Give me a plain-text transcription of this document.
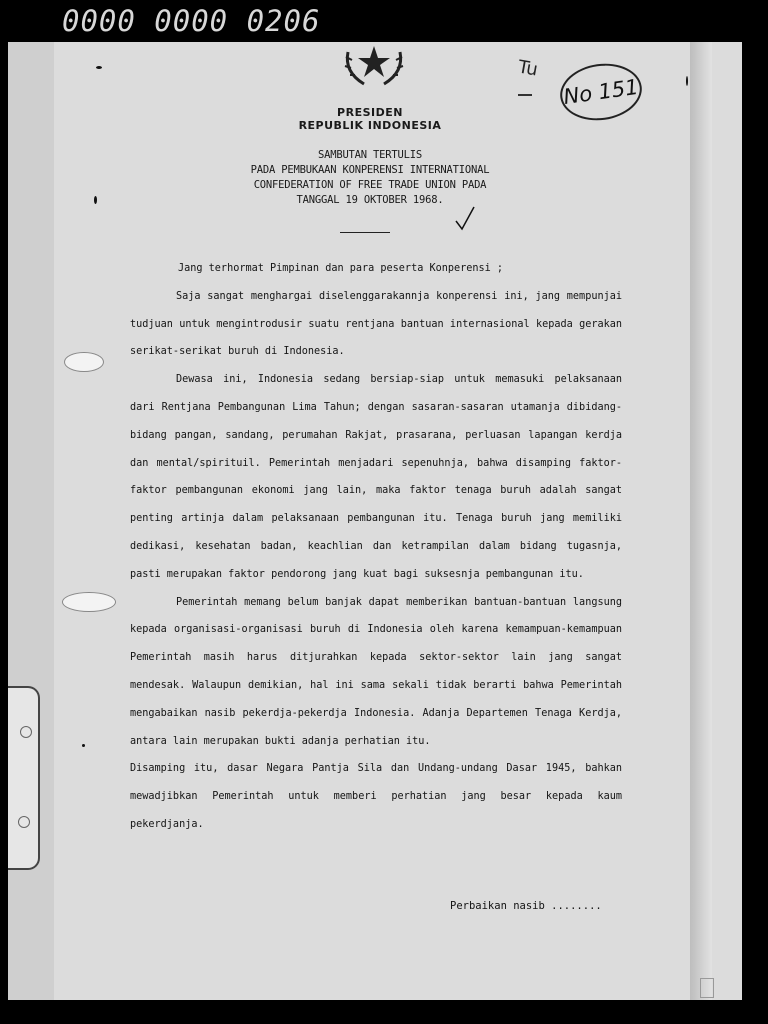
0000 0000 0206
Tu
No 151
PRESIDEN
REPUBLIK INDONESIA
SAMBUTAN TERTULIS
PADA PEMBUKAAN KONPERENSI INTERNATIONAL
CONFEDERATION OF FREE TRADE UNION PADA
TANGGAL 19 OKTOBER 1968.

Jang terhormat Pimpinan dan para peserta Konperensi ;

Saja sangat menghargai diselenggarakannja konperensi ini, jang mempunjai tudjuan untuk mengintrodusir suatu rentjana bantuan internasional kepada gerakan serikat-serikat buruh di Indonesia.

Dewasa ini, Indonesia sedang bersiap-siap untuk memasuki pelaksanaan dari Rentjana Pembangunan Lima Tahun; dengan sasaran-sasaran utamanja dibidang-bidang pangan, sandang, perumahan Rakjat, prasarana, perluasan lapangan kerdja dan mental/spirituil. Pemerintah menjadari sepenuhnja, bahwa disamping faktor-faktor pembangunan ekonomi jang lain, maka faktor tenaga buruh adalah sangat penting artinja dalam pelaksanaan pembangunan itu. Tenaga buruh jang memiliki dedikasi, kesehatan badan, keachlian dan ketrampilan dalam bidang tugasnja, pasti merupakan faktor pendorong jang kuat bagi suksesnja pembangunan itu.

Pemerintah memang belum banjak dapat memberikan bantuan-bantuan langsung kepada organisasi-organisasi buruh di Indonesia oleh karena kemampuan-kemampuan Pemerintah masih harus ditjurahkan kepada sektor-sektor lain jang sangat mendesak. Walaupun demikian, hal ini sama sekali tidak berarti bahwa Pemerintah mengabaikan nasib pekerdja-pekerdja Indonesia. Adanja Departemen Tenaga Kerdja, antara lain merupakan bukti adanja perhatian itu.

Disamping itu, dasar Negara Pantja Sila dan Undang-undang Dasar 1945, bahkan mewadjibkan Pemerintah untuk memberi perhatian jang besar kepada kaum pekerdjanja.

Perbaikan nasib ........
